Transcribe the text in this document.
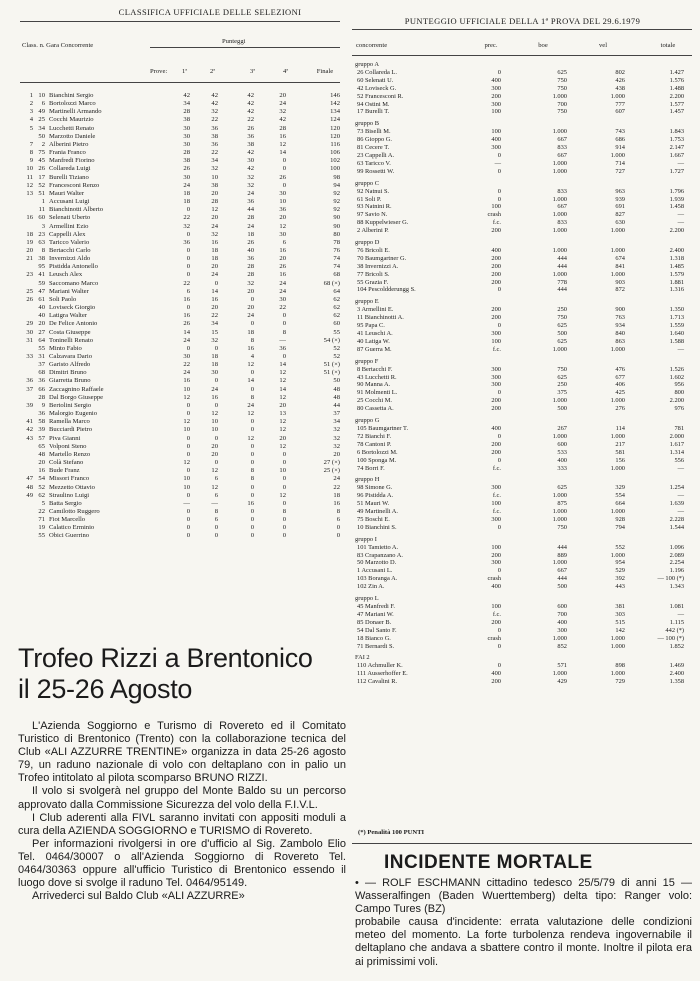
CLASSIFICA UFFICIALE DELLE SELEZIONI
Class. n. Gara Concorrente
Punteggi
Prove:	1ª	2ª	3ª	4ª	Finale
1	10	Bianchini Sergio	42	42	42	20	146
2	6	Bortolozzi Marco	34	42	42	24	142
3	49	Martinelli Armando	28	32	42	32	134
4	25	Cocchi Maurizio	38	22	22	42	124
5	34	Lucchetti Renato	30	36	26	28	120
	50	Marzotto Daniele	30	38	36	16	120
7	2	Alberini Pietro	30	36	38	12	116
8	75	Frania Franco	28	22	42	14	106
9	45	Manfredi Fiorino	38	34	30	0	102
10	26	Collareda Luigi	26	32	42	0	100
11	17	Burelli Tiziano	30	10	32	26	98
12	52	Francesconi Renzo	24	38	32	0	94
13	51	Mauri Walter	18	20	24	30	92
	1	Accusani Luigi	18	28	36	10	92
	11	Bianchinotti Alberto	0	12	44	36	92
16	60	Selenati Uberto	22	20	28	20	90
	3	Armellini Ezio	32	24	24	12	90
18	23	Cappelli Alex	0	32	18	30	80
19	63	Taricco Valerio	36	16	26	6	78
20	8	Bertacchi Carlo	0	18	40	16	76
21	38	Invernizzi Aldo	0	18	36	20	74
	95	Pistidda Antonello	0	20	28	26	74
23	41	Leusch Alex	0	24	28	16	68
	59	Saccomano Marco	22	0	32	24	68 (×)
25	47	Mariani Walter	6	14	20	24	64
26	61	Soli Paolo	16	16	0	30	62
	40	Loviseck Giorgio	0	20	20	22	62
	40	Latigra Walter	16	22	24	0	62
29	20	De Felice Antonio	26	34	0	0	60
30	27	Costa Giuseppe	14	15	18	8	55
31	64	Toninelli Renato	24	32	8	—	54 (×)
	55	Minto Fabio	0	0	16	36	52
33	31	Calzavara Dario	30	18	4	0	52
	37	Garisto Alfredo	22	18	12	14	51 (×)
	68	Dimitri Bruno	24	30	0	12	51 (×)
36	36	Giarretta Bruno	16	0	14	12	50
37	66	Zaccagnino Raffaele	10	24	0	14	48
	28	Dal Borgo Giuseppe	12	16	8	12	48
39	9	Bertolini Sergio	0	0	24	20	44
	36	Malorgio Eugenio	0	12	12	13	37
41	58	Ramella Marco	12	10	0	12	34
42	39	Bucciardi Pietro	10	10	0	12	32
43	57	Piva Gianni	0	0	12	20	32
	65	Volponi Steno	0	20	0	12	32
	48	Martello Renzo	0	20	0	0	20
	20	Colà Stefano	12	0	0	0	27 (×)
	16	Bude Franz	0	12	8	10	25 (×)
47	54	Missori Franco	10	6	8	0	24
48	52	Mezzetto Ottavio	10	12	0	0	22
49	62	Straulino Luigi	0	6	0	12	18
	5	Batta Sergio	—	—	16	0	16
	22	Camilotto Ruggero	0	8	0	8	8
	71	Fiot Marcello	0	6	0	0	6
	19	Calatico Erminio	0	0	0	0	0
	55	Obici Guerrino	0	0	0	0	0
PUNTEGGIO UFFICIALE DELLA 1ª PROVA DEL 29.6.1979
concorrente	prec.	boe	vel	totale
gruppo A				
26 Collareda L.	0	625	802	1.427
60 Selenati U.	400	750	426	1.576
42 Loviseck G.	300	750	438	1.488
52 Francesconi R.	200	1.000	1.000	2.200
94 Ostini M.	300	700	777	1.577
17 Burelli T.	100	750	607	1.457
gruppo B				
73 Biselli M.	100	1.000	743	1.843
86 Gioppo G.	400	667	686	1.753
81 Cecere T.	300	833	914	2.147
23 Cappelli A.	0	667	1.000	1.667
63 Taricco V.	—	1.000	714	—
99 Rossetti W.	0	1.000	727	1.727
gruppo C				
92 Natnui S.	0	833	963	1.796
61 Soli P.	0	1.000	939	1.939
93 Natnini R.	100	667	691	1.458
97 Savio N.	crash	1.000	827	—
88 Kuppelwieser G.	f.c.	833	630	—
2 Alberini P.	200	1.000	1.000	2.200
gruppo D				
76 Bricoli E.	400	1.000	1.000	2.400
70 Baumgartner G.	200	444	674	1.318
38 Invernizzi A.	200	444	841	1.485
77 Bricoli S.	200	1.000	1.000	1.579
55 Grazia F.	200	778	903	1.881
104 Pescoldderungg S.	0	444	872	1.316
gruppo E				
3 Armellini E.	200	250	900	1.350
11 Bianchinotti A.	200	750	763	1.713
95 Papa C.	0	625	934	1.559
41 Leuschi A.	300	500	840	1.640
40 Latiga W.	100	625	863	1.588
87 Guerra M.	f.c.	1.000	1.000	—
gruppo F				
8 Bertacchi F.	300	750	476	1.526
43 Lucchetti R.	300	625	677	1.602
90 Manna A.	300	250	406	956
91 Molmenti L.	0	375	425	800
25 Cocchi M.	200	1.000	1.000	2.200
80 Cassetta A.	200	500	276	976
gruppo G				
105 Baumgartner T.	400	267	114	781
72 Bianchi F.	0	1.000	1.000	2.000
78 Cantoni P.	200	600	217	1.617
6 Bortolozzi M.	200	533	581	1.314
100 Sponga M.	0	400	156	556
74 Borri F.	f.c.	333	1.000	—
gruppo H				
98 Simone G.	300	625	329	1.254
96 Pistidda A.	f.c.	1.000	554	—
51 Mauri W.	100	875	664	1.639
49 Martinelli A.	f.c.	1.000	1.000	—
75 Boschi E.	300	1.000	928	2.228
10 Bianchini S.	0	750	794	1.544
gruppo I				
101 Tamietto A.	100	444	552	1.096
83 Crapanzano A.	200	889	1.000	2.089
50 Marzotto D.	300	1.000	954	2.254
1 Accusani L.	0	667	529	1.196
103 Boranga A.	crash	444	392	— 100 (*)
102 Zin A.	400	500	443	1.343
gruppo L				
45 Manfredi F.	100	600	381	1.081
47 Mariani W.	f.c.	700	303	—
85 Donaer B.	200	400	515	1.115
54 Dal Santo F.	0	300	142	442 (*)
18 Bianco G.	crash	1.000	1.000	— 100 (*)
71 Bernardi S.	0	852	1.000	1.852
FAI 2				
110 Achmuller K.	0	571	898	1.469
111 Ausserhoffer E.	400	1.000	1.000	2.400
112 Cavalini R.	200	429	729	1.358
(*) Penalità 100 PUNTI
Trofeo Rizzi a Brentonico
il 25-26 Agosto

L'Azienda Soggiorno e Turismo di Rovereto ed il Comitato Turistico di Brentonico (Trento) con la collaborazione tecnica del Club «ALI AZZURRE TRENTINE» organizza in data 25-26 agosto 79, un raduno nazionale di volo con deltaplano con in palio un Trofeo intitolato al pilota scomparso BRUNO RIZZI.

Il volo si svolgerà nel gruppo del Monte Baldo su un percorso approvato dalla Commissione Sicurezza del volo della F.I.V.L.

I Club aderenti alla FIVL saranno invitati con appositi moduli a cura della AZIENDA SOGGIORNO e TURISMO di Rovereto.

Per informazioni rivolgersi in ore d'ufficio al Sig. Zambolo Elio Tel. 0464/30007 o all'Azienda Soggiorno di Rovereto Tel. 0464/30363 oppure all'ufficio Turistico di Brentonico essendo il luogo dove si svolge il raduno Tel. 0464/95149.

Arrivederci sul Baldo Club «ALI AZZURRE»

INCIDENTE MORTALE

• — ROLF ESCHMANN cittadino tedesco 25/5/79 di anni 15 — Wasseralfingen (Baden Wuerttemberg) delta tipo: Ranger volo: Campo Tures (BZ)

probabile causa d'incidente: errata valutazione delle condizioni meteo del momento. La forte turbolenza rendeva ingovernabile il deltaplano che andava a sbattere contro il monte. Inoltre il pilota era ai primissimi voli.
